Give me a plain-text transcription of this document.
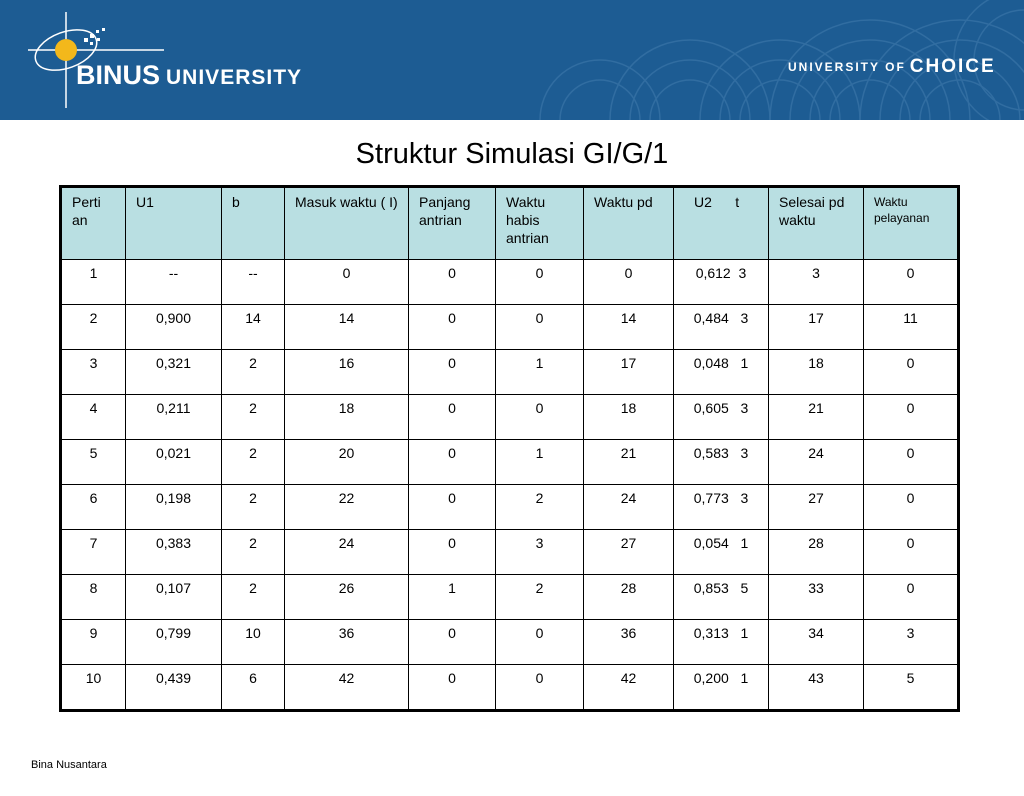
BINUS UNIVERSITY	UNIVERSITY OF CHOICE
Struktur Simulasi GI/G/1
Perti an	U1	b	Masuk waktu ( I)	Panjang antrian	Waktu habis antrian	Waktu pd	U2      t	Selesai pd waktu	Waktu pelayanan
1	--	--	0	0	0	0	0,612  3	3	0
2	0,900	14	14	0	0	14	0,484   3	17	11
3	0,321	2	16	0	1	17	0,048   1	18	0
4	0,211	2	18	0	0	18	0,605   3	21	0
5	0,021	2	20	0	1	21	0,583   3	24	0
6	0,198	2	22	0	2	24	0,773   3	27	0
7	0,383	2	24	0	3	27	0,054   1	28	0
8	0,107	2	26	1	2	28	0,853   5	33	0
9	0,799	10	36	0	0	36	0,313   1	34	3
10	0,439	6	42	0	0	42	0,200   1	43	5
Bina Nusantara
